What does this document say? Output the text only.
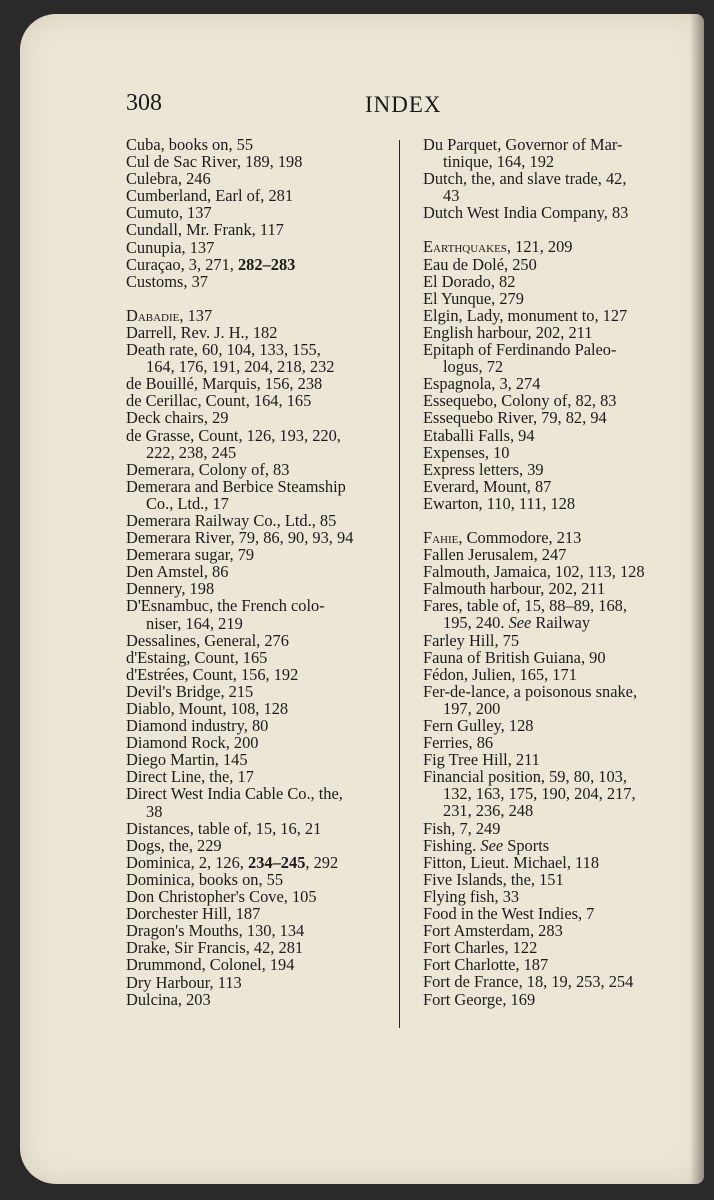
308	INDEX
Cuba, books on, 55
Cul de Sac River, 189, 198
Culebra, 246
Cumberland, Earl of, 281
Cumuto, 137
Cundall, Mr. Frank, 117
Cunupia, 137
Curaçao, 3, 271, 282–283
Customs, 37
Dabadie, 137
Darrell, Rev. J. H., 182
Death rate, 60, 104, 133, 155,
164, 176, 191, 204, 218, 232
de Bouillé, Marquis, 156, 238
de Cerillac, Count, 164, 165
Deck chairs, 29
de Grasse, Count, 126, 193, 220,
222, 238, 245
Demerara, Colony of, 83
Demerara and Berbice Steamship
Co., Ltd., 17
Demerara Railway Co., Ltd., 85
Demerara River, 79, 86, 90, 93, 94
Demerara sugar, 79
Den Amstel, 86
Dennery, 198
D'Esnambuc, the French colo-
niser, 164, 219
Dessalines, General, 276
d'Estaing, Count, 165
d'Estrées, Count, 156, 192
Devil's Bridge, 215
Diablo, Mount, 108, 128
Diamond industry, 80
Diamond Rock, 200
Diego Martin, 145
Direct Line, the, 17
Direct West India Cable Co., the,
38
Distances, table of, 15, 16, 21
Dogs, the, 229
Dominica, 2, 126, 234–245, 292
Dominica, books on, 55
Don Christopher's Cove, 105
Dorchester Hill, 187
Dragon's Mouths, 130, 134
Drake, Sir Francis, 42, 281
Drummond, Colonel, 194
Dry Harbour, 113
Dulcina, 203
Du Parquet, Governor of Mar-
tinique, 164, 192
Dutch, the, and slave trade, 42,
43
Dutch West India Company, 83
Earthquakes, 121, 209
Eau de Dolé, 250
El Dorado, 82
El Yunque, 279
Elgin, Lady, monument to, 127
English harbour, 202, 211
Epitaph of Ferdinando Paleo-
logus, 72
Espagnola, 3, 274
Essequebo, Colony of, 82, 83
Essequebo River, 79, 82, 94
Etaballi Falls, 94
Expenses, 10
Express letters, 39
Everard, Mount, 87
Ewarton, 110, 111, 128
Fahie, Commodore, 213
Fallen Jerusalem, 247
Falmouth, Jamaica, 102, 113, 128
Falmouth harbour, 202, 211
Fares, table of, 15, 88–89, 168,
195, 240. See Railway
Farley Hill, 75
Fauna of British Guiana, 90
Fédon, Julien, 165, 171
Fer-de-lance, a poisonous snake,
197, 200
Fern Gulley, 128
Ferries, 86
Fig Tree Hill, 211
Financial position, 59, 80, 103,
132, 163, 175, 190, 204, 217,
231, 236, 248
Fish, 7, 249
Fishing. See Sports
Fitton, Lieut. Michael, 118
Five Islands, the, 151
Flying fish, 33
Food in the West Indies, 7
Fort Amsterdam, 283
Fort Charles, 122
Fort Charlotte, 187
Fort de France, 18, 19, 253, 254
Fort George, 169
